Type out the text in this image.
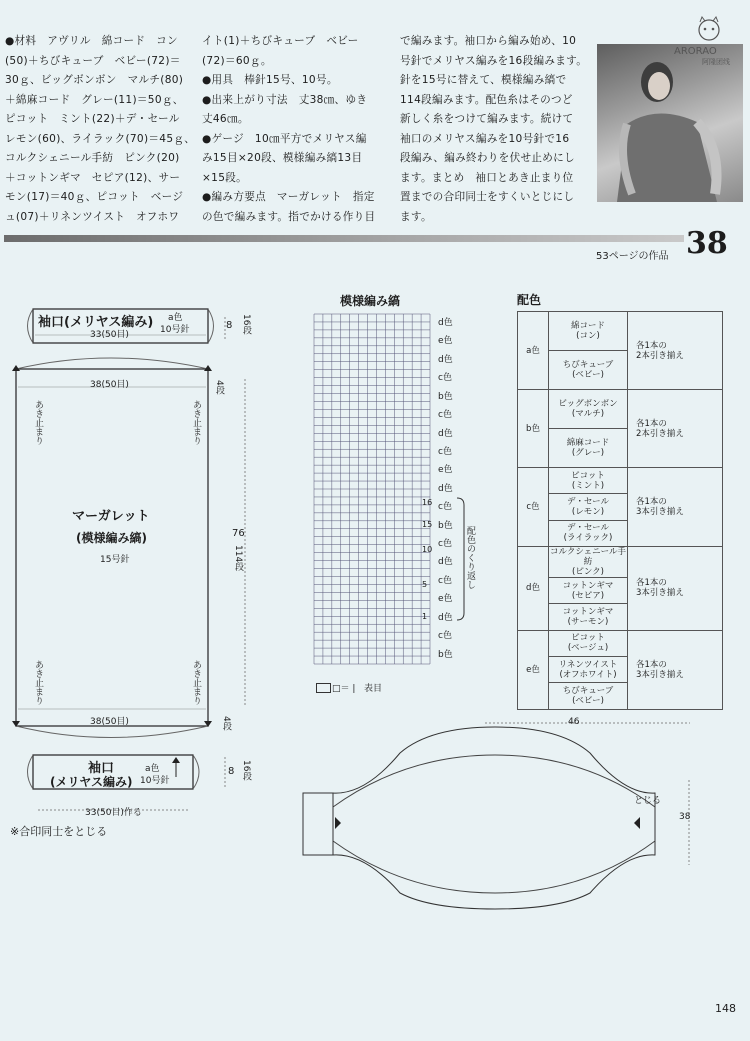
●材料　アヴリル　綿コード　コン

(50)＋ちびキューブ　ベビー(72)＝

30ｇ、ビッグボンボン　マルチ(80)

＋綿麻コード　グレー(11)＝50ｇ、

ピコット　ミント(22)＋デ・セール

レモン(60)、ライラック(70)＝45ｇ、

コルクシェニール手紡　ピンク(20)

＋コットンギマ　セピア(12)、サー

モン(17)＝40ｇ、ピコット　ベージ

ュ(07)＋リネンツイスト　オフホワ

イト(1)＋ちびキューブ　ベビー

(72)＝60ｇ。

●用具　棒針15号、10号。

●出来上がり寸法　丈38㎝、ゆき

丈46㎝。

●ゲージ　10㎝平方でメリヤス編

み15目×20段、模様編み縞13目

×15段。

●編み方要点　マーガレット　指定

の色で編みます。指でかける作り目

で編みます。袖口から編み始め、10

号針でメリヤス編みを16段編みます。

針を15号に替えて、模様編み縞で

114段編みます。配色糸はそのつど

新しく糸をつけて編みます。続けて

袖口のメリヤス編みを10号針で16

段編み、編み終わりを伏せ止めにし

ます。まとめ　袖口とあき止まり位

置までの合印同士をすくいとじにし

ます。

ARORAO
阿隆团线
53ページの作品 38
袖口(メリヤス編み) a色
10号針
33(50目)
8 16段
38(50目)	4段
あき止まり	あき止まり
マーガレット
(模様編み縞)
15号針
76
114段
あき止まり	あき止まり
38(50目)	4段
袖口
(メリヤス編み)
a色
10号針
8 16段
33(50目)作る
※合印同士をとじる
模様編み縞
d色
e色
d色
c色
b色
c色
d色
c色
e色
d色
c色
b色
c色
d色
c色
e色
d色
c色
b色
16
15
10
5
1
配色のくり返し
□＝ | 表目
配色
a色	綿コード
(コン)	各1本の
2本引き揃え
	ちびキューブ
(ベビー)	
b色	ビッグボンボン
(マルチ)	各1本の
2本引き揃え
	綿麻コード
(グレー)	
c色	ピコット
(ミント)	各1本の
3本引き揃え
	デ・セール
(レモン)	
	デ・セール
(ライラック)	
d色	コルクシェニール手紡
(ピンク)	各1本の
3本引き揃え
	コットンギマ
(セピア)	
	コットンギマ
(サーモン)	
e色	ピコット
(ベージュ)	各1本の
3本引き揃え
	リネンツイスト
(オフホワイト)	
	ちびキューブ
(ベビー)	
46
38
とじる
148
